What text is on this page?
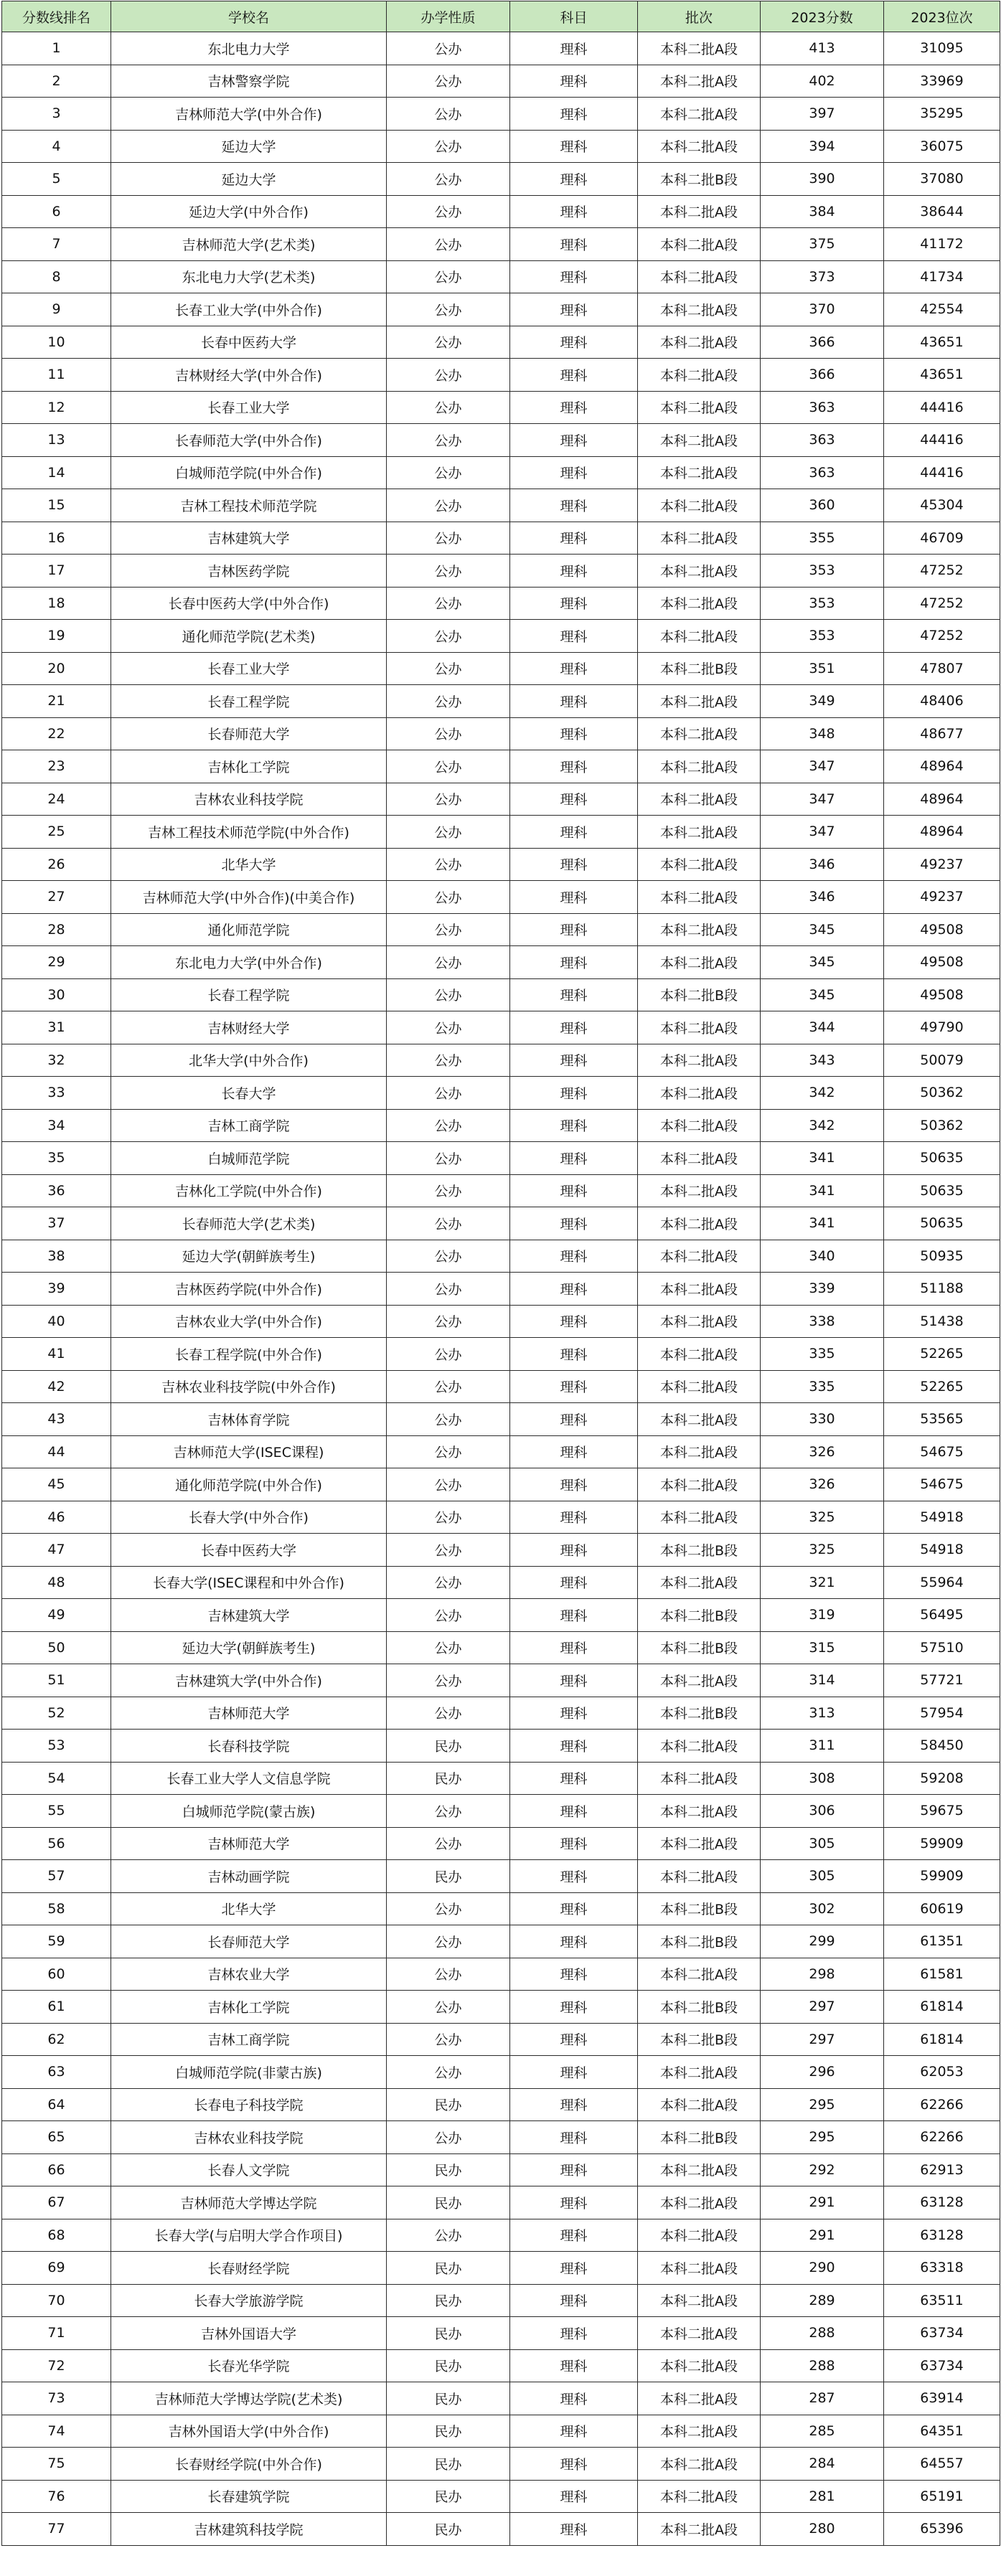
分数线排名	学校名	办学性质	科目	批次	2023分数	2023位次
1	东北电力大学	公办	理科	本科二批A段	413	31095
2	吉林警察学院	公办	理科	本科二批A段	402	33969
3	吉林师范大学(中外合作)	公办	理科	本科二批A段	397	35295
4	延边大学	公办	理科	本科二批A段	394	36075
5	延边大学	公办	理科	本科二批B段	390	37080
6	延边大学(中外合作)	公办	理科	本科二批A段	384	38644
7	吉林师范大学(艺术类)	公办	理科	本科二批A段	375	41172
8	东北电力大学(艺术类)	公办	理科	本科二批A段	373	41734
9	长春工业大学(中外合作)	公办	理科	本科二批A段	370	42554
10	长春中医药大学	公办	理科	本科二批A段	366	43651
11	吉林财经大学(中外合作)	公办	理科	本科二批A段	366	43651
12	长春工业大学	公办	理科	本科二批A段	363	44416
13	长春师范大学(中外合作)	公办	理科	本科二批A段	363	44416
14	白城师范学院(中外合作)	公办	理科	本科二批A段	363	44416
15	吉林工程技术师范学院	公办	理科	本科二批A段	360	45304
16	吉林建筑大学	公办	理科	本科二批A段	355	46709
17	吉林医药学院	公办	理科	本科二批A段	353	47252
18	长春中医药大学(中外合作)	公办	理科	本科二批A段	353	47252
19	通化师范学院(艺术类)	公办	理科	本科二批A段	353	47252
20	长春工业大学	公办	理科	本科二批B段	351	47807
21	长春工程学院	公办	理科	本科二批A段	349	48406
22	长春师范大学	公办	理科	本科二批A段	348	48677
23	吉林化工学院	公办	理科	本科二批A段	347	48964
24	吉林农业科技学院	公办	理科	本科二批A段	347	48964
25	吉林工程技术师范学院(中外合作)	公办	理科	本科二批A段	347	48964
26	北华大学	公办	理科	本科二批A段	346	49237
27	吉林师范大学(中外合作)(中美合作)	公办	理科	本科二批A段	346	49237
28	通化师范学院	公办	理科	本科二批A段	345	49508
29	东北电力大学(中外合作)	公办	理科	本科二批A段	345	49508
30	长春工程学院	公办	理科	本科二批B段	345	49508
31	吉林财经大学	公办	理科	本科二批A段	344	49790
32	北华大学(中外合作)	公办	理科	本科二批A段	343	50079
33	长春大学	公办	理科	本科二批A段	342	50362
34	吉林工商学院	公办	理科	本科二批A段	342	50362
35	白城师范学院	公办	理科	本科二批A段	341	50635
36	吉林化工学院(中外合作)	公办	理科	本科二批A段	341	50635
37	长春师范大学(艺术类)	公办	理科	本科二批A段	341	50635
38	延边大学(朝鲜族考生)	公办	理科	本科二批A段	340	50935
39	吉林医药学院(中外合作)	公办	理科	本科二批A段	339	51188
40	吉林农业大学(中外合作)	公办	理科	本科二批A段	338	51438
41	长春工程学院(中外合作)	公办	理科	本科二批A段	335	52265
42	吉林农业科技学院(中外合作)	公办	理科	本科二批A段	335	52265
43	吉林体育学院	公办	理科	本科二批A段	330	53565
44	吉林师范大学(ISEC课程)	公办	理科	本科二批A段	326	54675
45	通化师范学院(中外合作)	公办	理科	本科二批A段	326	54675
46	长春大学(中外合作)	公办	理科	本科二批A段	325	54918
47	长春中医药大学	公办	理科	本科二批B段	325	54918
48	长春大学(ISEC课程和中外合作)	公办	理科	本科二批A段	321	55964
49	吉林建筑大学	公办	理科	本科二批B段	319	56495
50	延边大学(朝鲜族考生)	公办	理科	本科二批B段	315	57510
51	吉林建筑大学(中外合作)	公办	理科	本科二批A段	314	57721
52	吉林师范大学	公办	理科	本科二批B段	313	57954
53	长春科技学院	民办	理科	本科二批A段	311	58450
54	长春工业大学人文信息学院	民办	理科	本科二批A段	308	59208
55	白城师范学院(蒙古族)	公办	理科	本科二批A段	306	59675
56	吉林师范大学	公办	理科	本科二批A段	305	59909
57	吉林动画学院	民办	理科	本科二批A段	305	59909
58	北华大学	公办	理科	本科二批B段	302	60619
59	长春师范大学	公办	理科	本科二批B段	299	61351
60	吉林农业大学	公办	理科	本科二批A段	298	61581
61	吉林化工学院	公办	理科	本科二批B段	297	61814
62	吉林工商学院	公办	理科	本科二批B段	297	61814
63	白城师范学院(非蒙古族)	公办	理科	本科二批A段	296	62053
64	长春电子科技学院	民办	理科	本科二批A段	295	62266
65	吉林农业科技学院	公办	理科	本科二批B段	295	62266
66	长春人文学院	民办	理科	本科二批A段	292	62913
67	吉林师范大学博达学院	民办	理科	本科二批A段	291	63128
68	长春大学(与启明大学合作项目)	公办	理科	本科二批A段	291	63128
69	长春财经学院	民办	理科	本科二批A段	290	63318
70	长春大学旅游学院	民办	理科	本科二批A段	289	63511
71	吉林外国语大学	民办	理科	本科二批A段	288	63734
72	长春光华学院	民办	理科	本科二批A段	288	63734
73	吉林师范大学博达学院(艺术类)	民办	理科	本科二批A段	287	63914
74	吉林外国语大学(中外合作)	民办	理科	本科二批A段	285	64351
75	长春财经学院(中外合作)	民办	理科	本科二批A段	284	64557
76	长春建筑学院	民办	理科	本科二批A段	281	65191
77	吉林建筑科技学院	民办	理科	本科二批A段	280	65396
